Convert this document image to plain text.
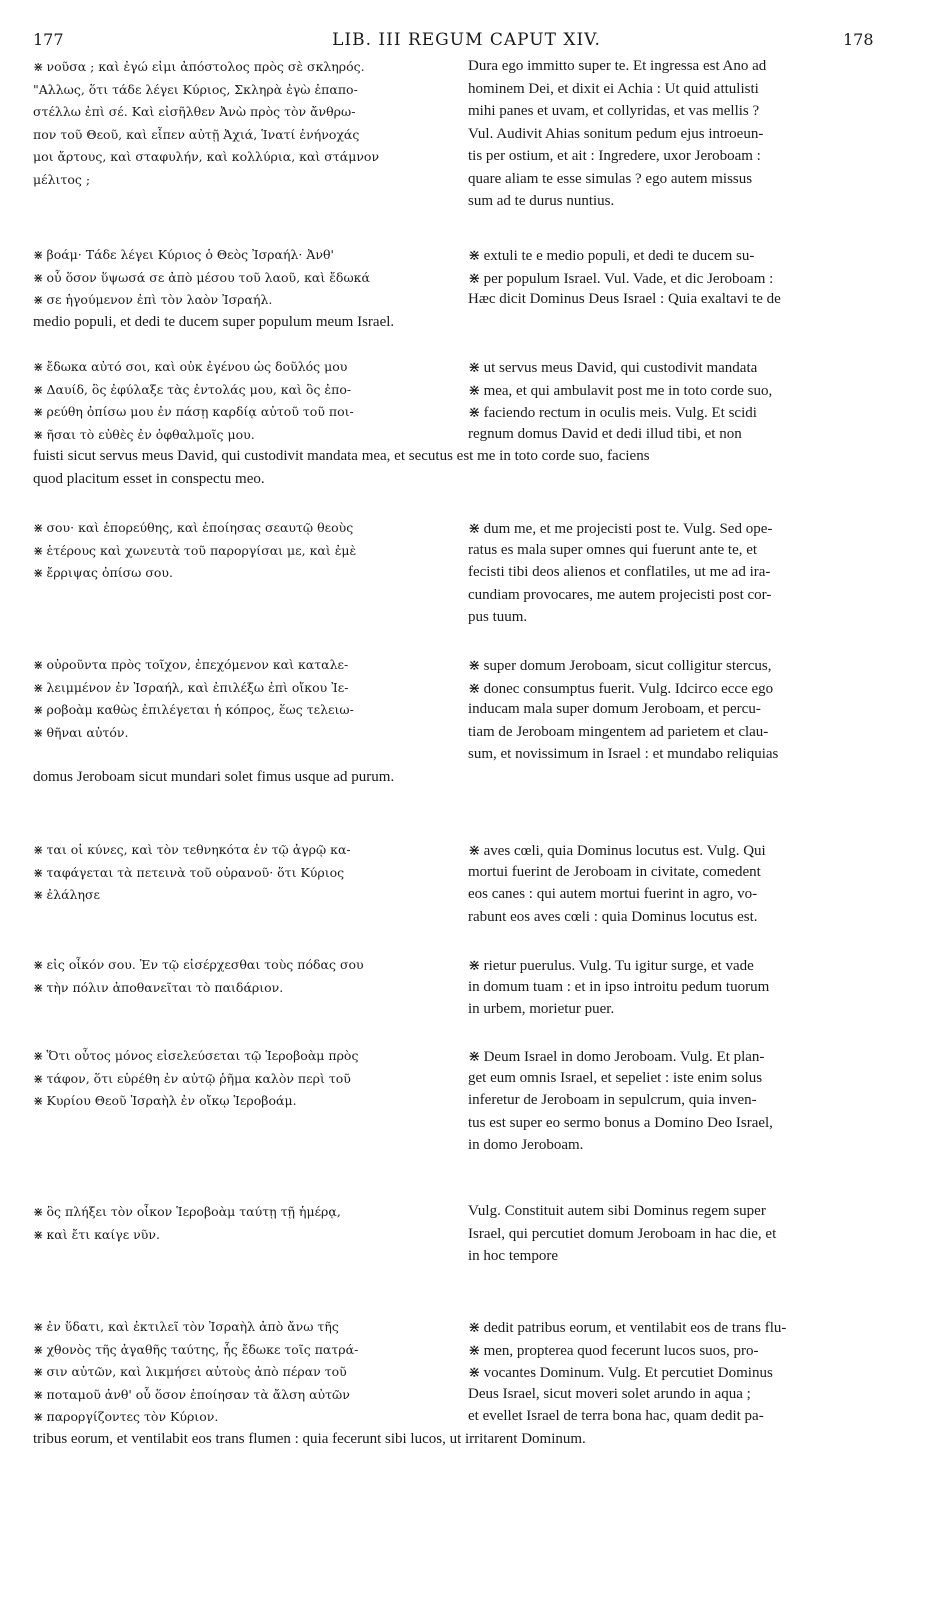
177	LIB. III REGUM CAPUT XIV.	178
⋇ νοῦσα ; καὶ ἐγώ εἰμι ἀπόστολος πρὸς σὲ σκληρός.
"Αλλως, ὅτι τάδε λέγει Κύριος, Σκληρὰ ἐγὼ ἐπαπο-
στέλλω ἐπὶ σέ. Καὶ εἰσῆλθεν Ἀνὼ πρὸς τὸν ἄνθρω-
πον τοῦ Θεοῦ, καὶ εἶπεν αὐτῇ Ἀχιά, Ἱνατί ἐνήνοχάς
μοι ἄρτους, καὶ σταφυλήν, καὶ κολλύρια, καὶ στάμνον
μέλιτος ;
Dura ego immitto super te. Et ingressa est Ano ad
hominem Dei, et dixit ei Achia : Ut quid attulisti
mihi panes et uvam, et collyridas, et vas mellis ?
Vul. Audivit Ahias sonitum pedum ejus introeun-
tis per ostium, et ait : Ingredere, uxor Jeroboam :
quare aliam te esse simulas ? ego autem missus
sum ad te durus nuntius.
⋇ βοάμ· Τάδε λέγει Κύριος ὁ Θεὸς Ἰσραήλ· Ἀνθ'
⋇ οὗ ὅσον ὕψωσά σε ἀπὸ μέσου τοῦ λαοῦ, καὶ ἔδωκά
⋇ σε ἡγούμενον ἐπὶ τὸν λαὸν Ἰσραήλ.
⋇ extuli te e medio populi, et dedi te ducem su-
⋇ per populum Israel. Vul. Vade, et dic Jeroboam :
Hæc dicit Dominus Deus Israel : Quia exaltavi te de
medio populi, et dedi te ducem super populum meum Israel.
⋇ ἔδωκα αὐτό σοι, καὶ οὐκ ἐγένου ὡς δοῦλός μου
⋇ Δαυίδ, ὃς ἐφύλαξε τὰς ἐντολάς μου, καὶ ὃς ἐπο-
⋇ ρεύθη ὀπίσω μου ἐν πάσῃ καρδίᾳ αὐτοῦ τοῦ ποι-
⋇ ῆσαι τὸ εὐθὲς ἐν ὀφθαλμοῖς μου.
⋇ ut servus meus David, qui custodivit mandata
⋇ mea, et qui ambulavit post me in toto corde suo,
⋇ faciendo rectum in oculis meis. Vulg. Et scidi
regnum domus David et dedi illud tibi, et non
fuisti sicut servus meus David, qui custodivit mandata mea, et secutus est me in toto corde suo, faciens
quod placitum esset in conspectu meo.
⋇ σου· καὶ ἐπορεύθης, καὶ ἐποίησας σεαυτῷ θεοὺς
⋇ ἑτέρους καὶ χωνευτὰ τοῦ παροργίσαι με, καὶ ἐμὲ
⋇ ἔρριψας ὀπίσω σου.
⋇ dum me, et me projecisti post te. Vulg. Sed ope-
ratus es mala super omnes qui fuerunt ante te, et
fecisti tibi deos alienos et conflatiles, ut me ad ira-
cundiam provocares, me autem projecisti post cor-
pus tuum.
⋇ οὐροῦντα πρὸς τοῖχον, ἐπεχόμενον καὶ καταλε-
⋇ λειμμένον ἐν Ἰσραήλ, καὶ ἐπιλέξω ἐπὶ οἴκου Ἰε-
⋇ ροβοὰμ καθὼς ἐπιλέγεται ἡ κόπρος, ἕως τελειω-
⋇ θῆναι αὐτόν.
⋇ super domum Jeroboam, sicut colligitur stercus,
⋇ donec consumptus fuerit. Vulg. Idcirco ecce ego
inducam mala super domum Jeroboam, et percu-
tiam de Jeroboam mingentem ad parietem et clau-
sum, et novissimum in Israel : et mundabo reliquias
domus Jeroboam sicut mundari solet fimus usque ad purum.
⋇ ται οἱ κύνες, καὶ τὸν τεθνηκότα ἐν τῷ ἀγρῷ κα-
⋇ ταφάγεται τὰ πετεινὰ τοῦ οὐρανοῦ· ὅτι Κύριος
⋇ ἐλάλησε
⋇ aves cœli, quia Dominus locutus est. Vulg. Qui
mortui fuerint de Jeroboam in civitate, comedent
eos canes : qui autem mortui fuerint in agro, vo-
rabunt eos aves cœli : quia Dominus locutus est.
⋇ εἰς οἶκόν σου. Ἐν τῷ εἰσέρχεσθαι τοὺς πόδας σου
⋇ τὴν πόλιν ἀποθανεῖται τὸ παιδάριον.
⋇ rietur puerulus. Vulg. Tu igitur surge, et vade
in domum tuam : et in ipso introitu pedum tuorum
in urbem, morietur puer.
⋇ Ὅτι οὗτος μόνος εἰσελεύσεται τῷ Ἱεροβοὰμ πρὸς
⋇ τάφον, ὅτι εὑρέθη ἐν αὐτῷ ῥῆμα καλὸν περὶ τοῦ
⋇ Κυρίου Θεοῦ Ἰσραὴλ ἐν οἴκῳ Ἱεροβοάμ.
⋇ Deum Israel in domo Jeroboam. Vulg. Et plan-
get eum omnis Israel, et sepeliet : iste enim solus
inferetur de Jeroboam in sepulcrum, quia inven-
tus est super eo sermo bonus a Domino Deo Israel,
in domo Jeroboam.
⋇ ὃς πλήξει τὸν οἶκον Ἱεροβοὰμ ταύτῃ τῇ ἡμέρᾳ,
⋇ καὶ ἔτι καίγε νῦν.
Vulg. Constituit autem sibi Dominus regem super
Israel, qui percutiet domum Jeroboam in hac die, et
in hoc tempore
⋇ ἐν ὕδατι, καὶ ἐκτιλεῖ τὸν Ἰσραὴλ ἀπὸ ἄνω τῆς
⋇ χθονὸς τῆς ἀγαθῆς ταύτης, ἧς ἔδωκε τοῖς πατρά-
⋇ σιν αὐτῶν, καὶ λικμήσει αὐτοὺς ἀπὸ πέραν τοῦ
⋇ ποταμοῦ ἀνθ' οὗ ὅσον ἐποίησαν τὰ ἄλση αὐτῶν
⋇ παροργίζοντες τὸν Κύριον.
⋇ dedit patribus eorum, et ventilabit eos de trans flu-
⋇ men, propterea quod fecerunt lucos suos, pro-
⋇ vocantes Dominum. Vulg. Et percutiet Dominus
Deus Israel, sicut moveri solet arundo in aqua ;
et evellet Israel de terra bona hac, quam dedit pa-
tribus eorum, et ventilabit eos trans flumen : quia fecerunt sibi lucos, ut irritarent Dominum.
